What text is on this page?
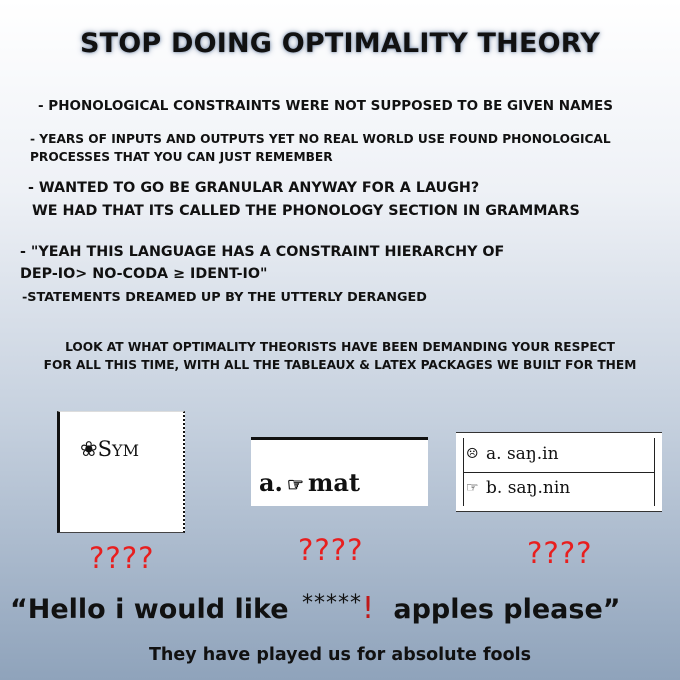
STOP DOING OPTIMALITY THEORY
- PHONOLOGICAL CONSTRAINTS WERE NOT SUPPOSED TO BE GIVEN NAMES
- YEARS OF INPUTS AND OUTPUTS YET NO REAL WORLD USE FOUND PHONOLOGICAL
PROCESSES THAT YOU CAN JUST REMEMBER
- WANTED TO GO BE GRANULAR ANYWAY FOR A LAUGH?
WE HAD THAT ITS CALLED THE PHONOLOGY SECTION IN GRAMMARS
- "YEAH THIS LANGUAGE HAS A CONSTRAINT HIERARCHY OF
DEP-IO> NO-CODA ≥ IDENT-IO"
-STATEMENTS DREAMED UP BY THE UTTERLY DERANGED
LOOK AT WHAT OPTIMALITY THEORISTS HAVE BEEN DEMANDING YOUR RESPECT
FOR ALL THIS TIME, WITH ALL THE TABLEAUX & LATEX PACKAGES WE BUILT FOR THEM
❀SYM
a. ☞ mat
☹ a. saŋ.in
☞ b. saŋ.nin
????	????	????
“Hello i would like *****! apples please”
They have played us for absolute fools
